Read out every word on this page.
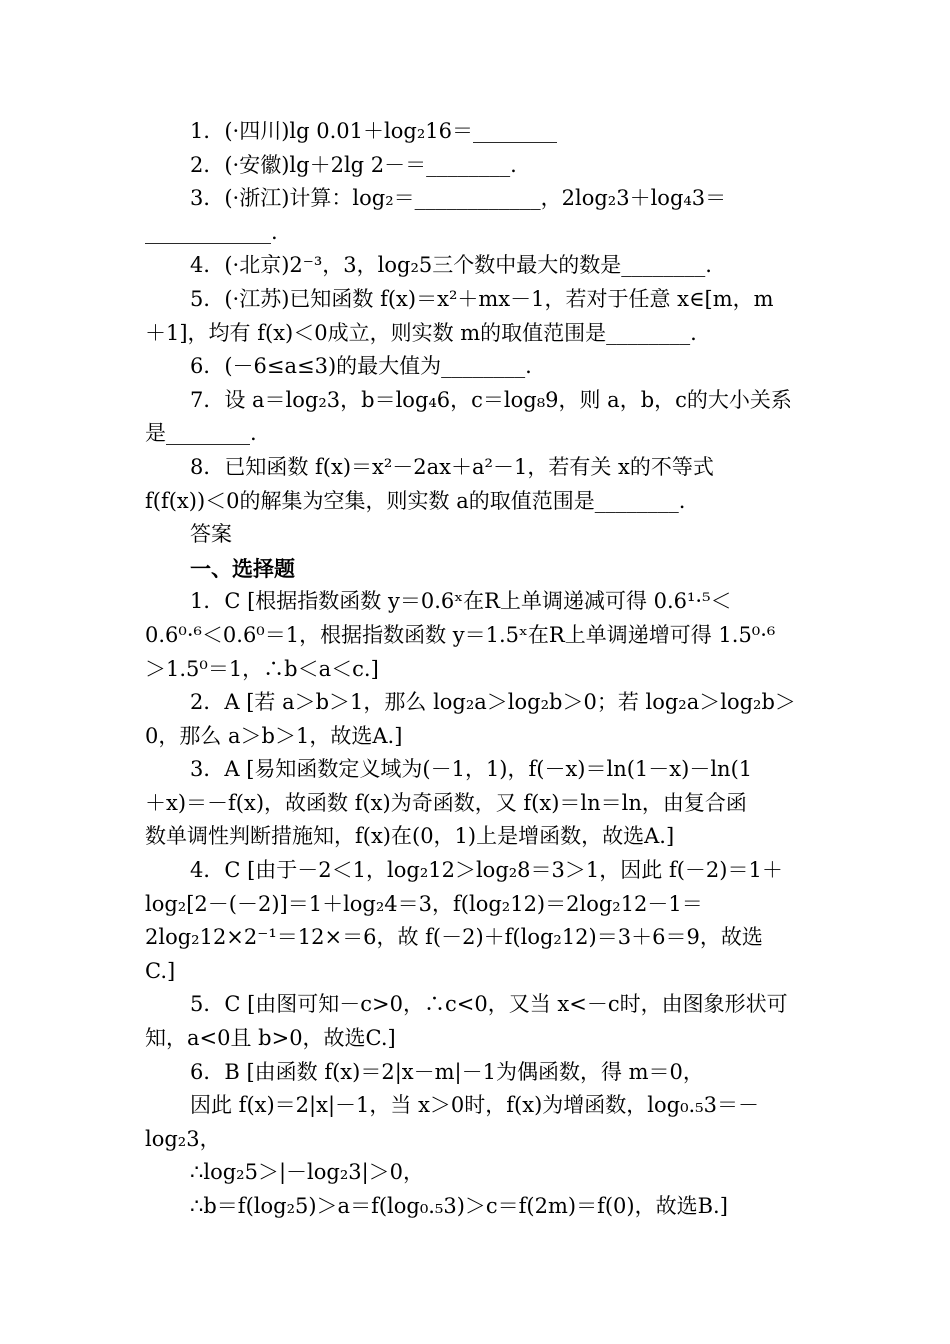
1．(·四川)lg 0.01＋log₂16＝________
2．(·安徽)lg＋2lg 2－＝________.
3．(·浙江)计算：log₂＝____________，2log₂3＋log₄3＝
____________.
4．(·北京)2⁻³，3，log₂5三个数中最大的数是________.
5．(·江苏)已知函数 f(x)＝x²＋mx－1，若对于任意 x∈[m，m
＋1]，均有 f(x)＜0成立，则实数 m的取值范围是________.
6．(－6≤a≤3)的最大值为________.
7．设 a＝log₂3，b＝log₄6，c＝log₈9，则 a，b，c的大小关系
是________.
8．已知函数 f(x)＝x²－2ax＋a²－1，若有关 x的不等式
f(f(x))＜0的解集为空集，则实数 a的取值范围是________.
答案
一、选择题
1．C [根据指数函数 y＝0.6ˣ在R上单调递减可得 0.6¹·⁵＜
0.6⁰·⁶＜0.6⁰＝1，根据指数函数 y＝1.5ˣ在R上单调递增可得 1.5⁰·⁶
＞1.5⁰＝1，∴b＜a＜c.]
2．A [若 a＞b＞1，那么 log₂a＞log₂b＞0；若 log₂a＞log₂b＞
0，那么 a＞b＞1，故选A.]
3．A [易知函数定义域为(－1，1)，f(－x)＝ln(1－x)－ln(1
＋x)＝－f(x)，故函数 f(x)为奇函数，又 f(x)＝ln＝ln，由复合函
数单调性判断措施知，f(x)在(0，1)上是增函数，故选A.]
4．C [由于－2＜1，log₂12＞log₂8＝3＞1，因此 f(－2)＝1＋
log₂[2－(－2)]＝1＋log₂4＝3，f(log₂12)＝2log₂12－1＝
2log₂12×2⁻¹＝12×＝6，故 f(－2)＋f(log₂12)＝3＋6＝9，故选
C.]
5．C [由图可知－c>0，∴c<0，又当 x<－c时，由图象形状可
知，a<0且 b>0，故选C.]
6．B [由函数 f(x)＝2|x－m|－1为偶函数，得 m＝0，
因此 f(x)＝2|x|－1，当 x＞0时，f(x)为增函数，log₀.₅3＝－
log₂3，
∴log₂5＞|－log₂3|＞0，
∴b＝f(log₂5)＞a＝f(log₀.₅3)＞c＝f(2m)＝f(0)，故选B.]
